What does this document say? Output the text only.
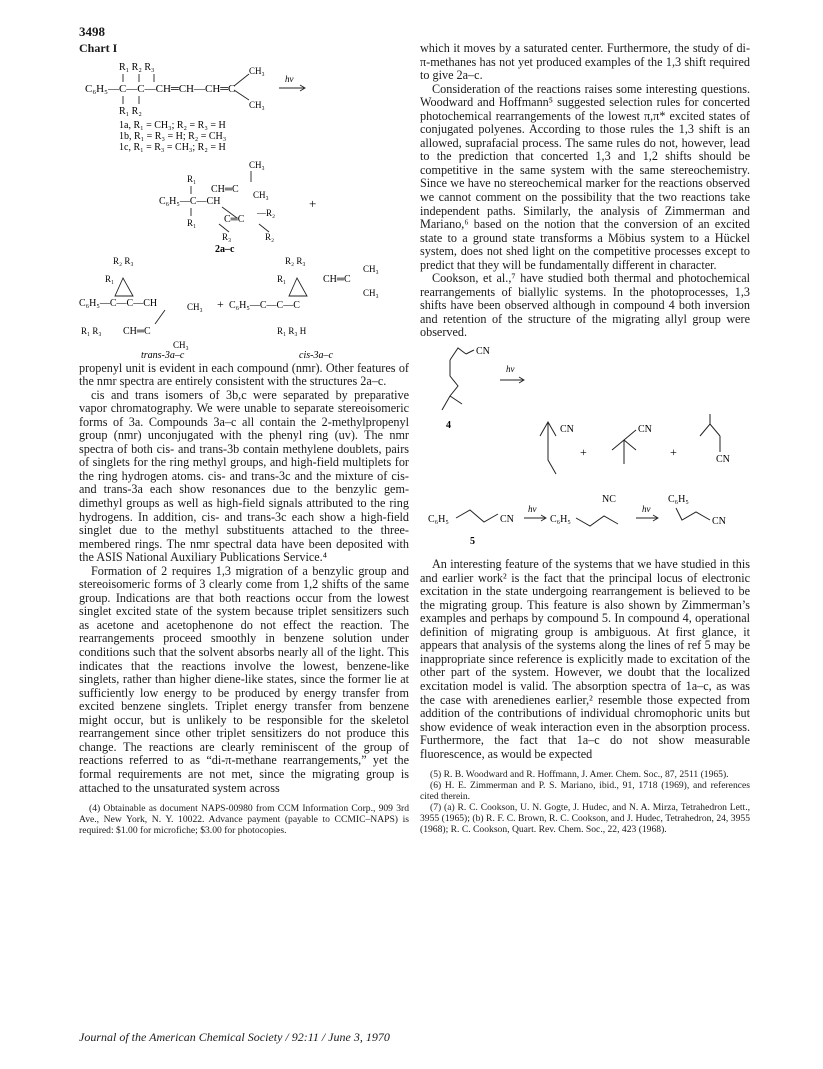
3498
Chart I
R₁ R₂ R₃
C₆H₅—C—C—CH═CH—CH═C
R₁ R₂
CH₃
CH₃
hν
1a, R₁ = CH₃; R₂ = R₃ = H
1b, R₁ = R₃ = H; R₂ = CH₃
1c, R₁ = R₃ = CH₃; R₂ = H
CH₃
R₁
CH═C CH₃
C₆H₅—C—CH
R₁	C═C
—R₂
R₃	R₂
+
2a–c
R₂ R₃
R₁
C₆H₅—C—C—CH
R₁ R₃ CH═C
CH₃
CH₃
+
R₂ R₃
R₁	CH═C
CH₃
CH₃
C₆H₅—C—C—C
R₁ R₃ H
trans-3a–c	cis-3a–c

propenyl unit is evident in each compound (nmr). Other features of the nmr spectra are entirely consistent with the structures 2a–c.

cis and trans isomers of 3b,c were separated by preparative vapor chromatography. We were unable to separate stereoisomeric forms of 3a. Compounds 3a–c all contain the 2-methylpropenyl group (nmr) unconjugated with the phenyl ring (uv). The nmr spectra of both cis- and trans-3b contain methylene doublets, pairs of singlets for the ring methyl groups, and high-field multiplets for the ring hydrogen atoms. cis- and trans-3c and the mixture of cis- and trans-3a each show resonances due to the benzylic gem-dimethyl groups as well as high-field signals attributed to the ring hydrogens. In addition, cis- and trans-3c each show a high-field singlet due to the methyl substituents attached to the three-membered rings. The nmr spectral data have been deposited with the ASIS National Auxiliary Publications Service.⁴

Formation of 2 requires 1,3 migration of a benzylic group and stereoisomeric forms of 3 clearly come from 1,2 shifts of the same group. Indications are that both reactions occur from the lowest singlet excited state of the system because triplet sensitizers such as acetone and acetophenone do not effect the reaction. The rearrangements proceed smoothly in benzene solution under conditions such that the solvent absorbs nearly all of the light. This indicates that the reactions involve the lowest, benzene-like singlets, rather than higher diene-like states, since the former lie at sufficiently low energy to be produced by energy transfer from excited benzene singlets. Triplet energy transfer from benzene might occur, but is unlikely to be responsible for the skeletol rearrangement since other triplet sensitizers do not produce this change. The reactions are clearly reminiscent of the group of reactions referred to as “di-π-methane rearrangements,” yet the formal requirements are not met, since the migrating group is attached to the unsaturated system across

(4) Obtainable as document NAPS-00980 from CCM Information Corp., 909 3rd Ave., New York, N. Y. 10022. Advance payment (payable to CCMIC–NAPS) is required: $1.00 for microfiche; $3.00 for photocopies.

which it moves by a saturated center. Furthermore, the study of di-π-methanes has not yet produced examples of the 1,3 shift required to give 2a–c.

Consideration of the reactions raises some interesting questions. Woodward and Hoffmann⁵ suggested selection rules for concerted photochemical rearrangements of the lowest π,π* excited states of conjugated polyenes. According to those rules the 1,3 shift is an allowed, suprafacial process. The same rules do not, however, lead to the prediction that concerted 1,3 and 1,2 shifts should be competitive in the same system with the same stereochemistry. Since we have no stereochemical marker for the reactions observed we cannot comment on the possibility that the two reactions take independent paths. Similarly, the analysis of Zimmerman and Mariano,⁶ based on the notion that the conversion of an excited state to a ground state transforms a Möbius system to a Hückel system, does not shed light on the competitive processes except to predict that they will be fundamentally different in character.

Cookson, et al.,⁷ have studied both thermal and photochemical rearrangements of biallylic systems. In the photoprocesses, 1,3 shifts have been observed although in compound 4 both inversion and retention of the structure of the migrating allyl group were observed.

CN
4
hν
CN
+
CN
+
CN
C₆H₅	CN
hν
C₆H₅
NC
hν
C₆H₅
CN
5

An interesting feature of the systems that we have studied in this and earlier work² is the fact that the principal locus of electronic excitation in the state undergoing rearrangement is believed to be the migrating group. This feature is also shown by Zimmerman’s examples and perhaps by compound 5. In compound 4, operational definition of migrating group is ambiguous. At first glance, it appears that analysis of the systems along the lines of ref 5 may be inappropriate since reference is explicitly made to excitation of the other part of the system. However, we doubt that the localized excitation model is valid. The absorption spectra of 1a–c, as was the case with arenedienes earlier,² resemble those expected from addition of the contributions of individual chromophoric units but show evidence of weak interaction even in the absorption process. Furthermore, the fact that 1a–c do not show measurable fluorescence, as would be expected

(5) R. B. Woodward and R. Hoffmann, J. Amer. Chem. Soc., 87, 2511 (1965).

(6) H. E. Zimmerman and P. S. Mariano, ibid., 91, 1718 (1969), and references cited therein.

(7) (a) R. C. Cookson, U. N. Gogte, J. Hudec, and N. A. Mirza, Tetrahedron Lett., 3955 (1965); (b) R. F. C. Brown, R. C. Cookson, and J. Hudec, Tetrahedron, 24, 3955 (1968); R. C. Cookson, Quart. Rev. Chem. Soc., 22, 423 (1968).

Journal of the American Chemical Society / 92:11 / June 3, 1970
